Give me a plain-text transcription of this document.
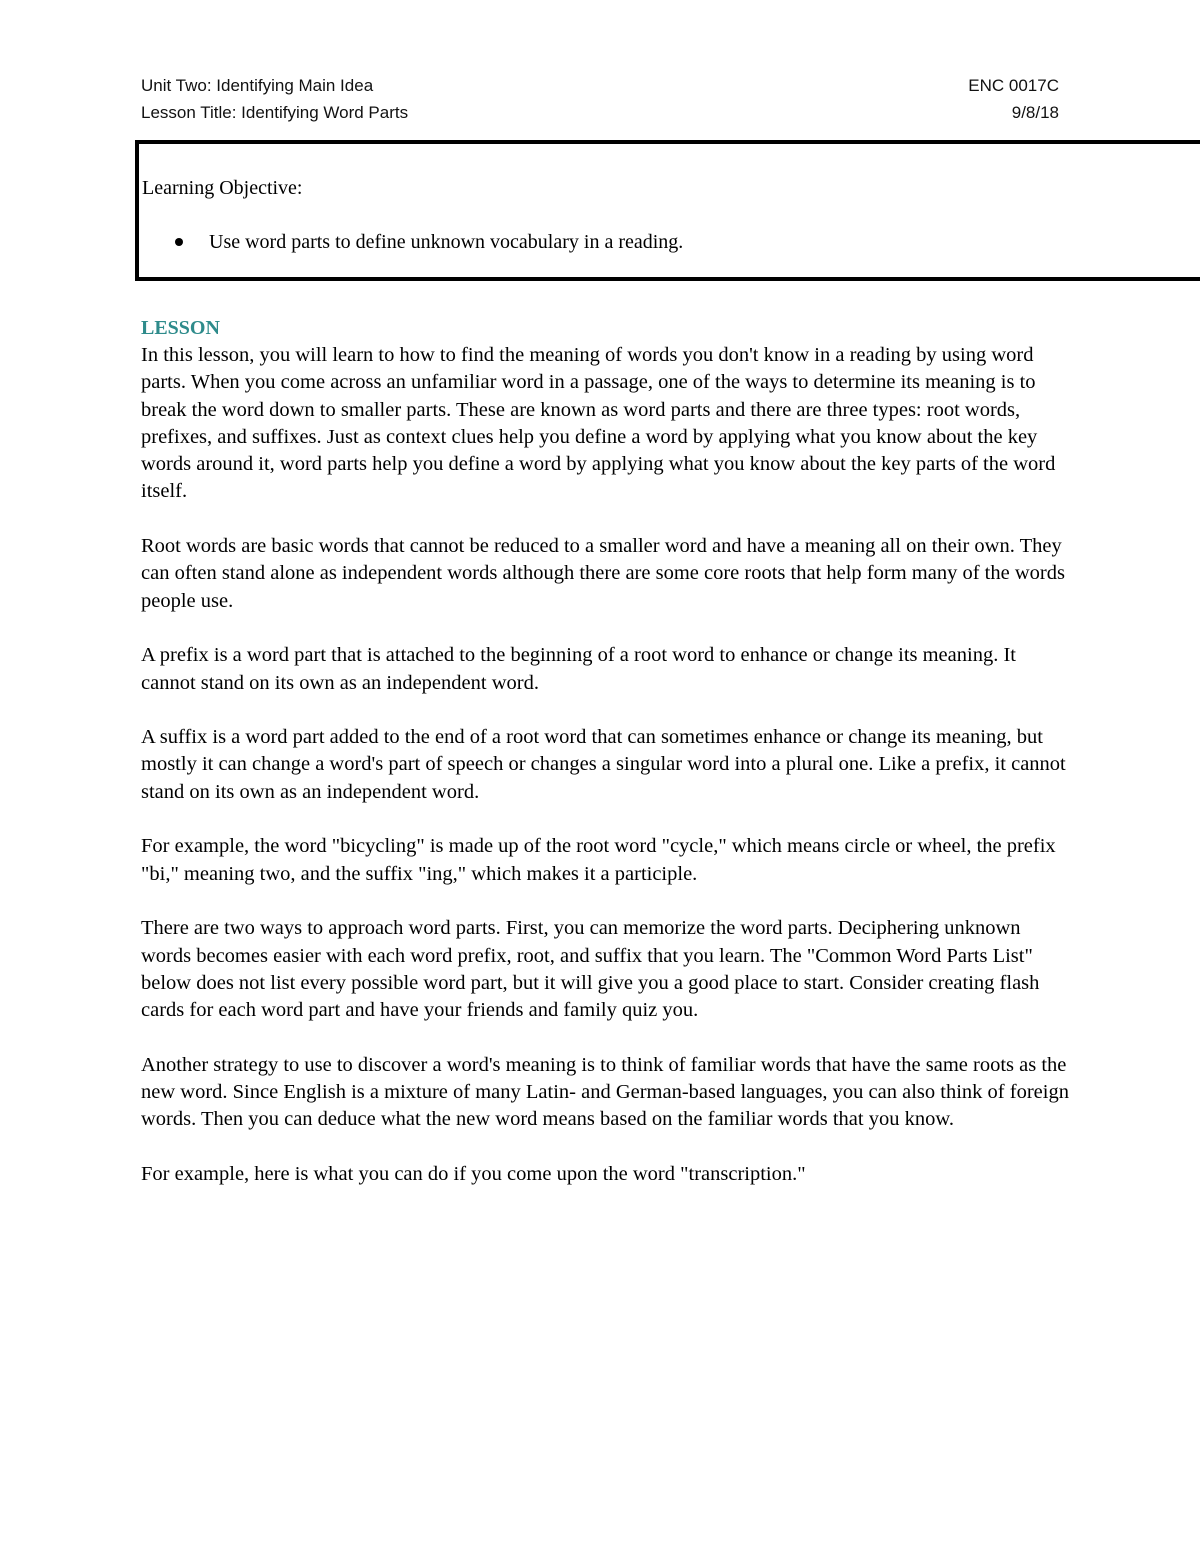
Unit Two: Identifying Main Idea	ENC 0017C
Lesson Title: Identifying Word Parts	9/8/18
Learning Objective:
Use word parts to define unknown vocabulary in a reading.
LESSON

In this lesson, you will learn to how to find the meaning of words you don't know in a reading by using word parts. When you come across an unfamiliar word in a passage, one of the ways to determine its meaning is to break the word down to smaller parts. These are known as word parts and there are three types: root words, prefixes, and suffixes. Just as context clues help you define a word by applying what you know about the key words around it, word parts help you define a word by applying what you know about the key parts of the word itself.

Root words are basic words that cannot be reduced to a smaller word and have a meaning all on their own. They can often stand alone as independent words although there are some core roots that help form many of the words people use.

A prefix is a word part that is attached to the beginning of a root word to enhance or change its meaning. It cannot stand on its own as an independent word.

A suffix is a word part added to the end of a root word that can sometimes enhance or change its meaning, but mostly it can change a word's part of speech or changes a singular word into a plural one. Like a prefix, it cannot stand on its own as an independent word.

For example, the word "bicycling" is made up of the root word "cycle," which means circle or wheel, the prefix "bi," meaning two, and the suffix "ing," which makes it a participle.

There are two ways to approach word parts. First, you can memorize the word parts. Deciphering unknown words becomes easier with each word prefix, root, and suffix that you learn. The "Common Word Parts List" below does not list every possible word part, but it will give you a good place to start. Consider creating flash cards for each word part and have your friends and family quiz you.

Another strategy to use to discover a word's meaning is to think of familiar words that have the same roots as the new word. Since English is a mixture of many Latin- and German-based languages, you can also think of foreign words. Then you can deduce what the new word means based on the familiar words that you know.

For example, here is what you can do if you come upon the word "transcription."
